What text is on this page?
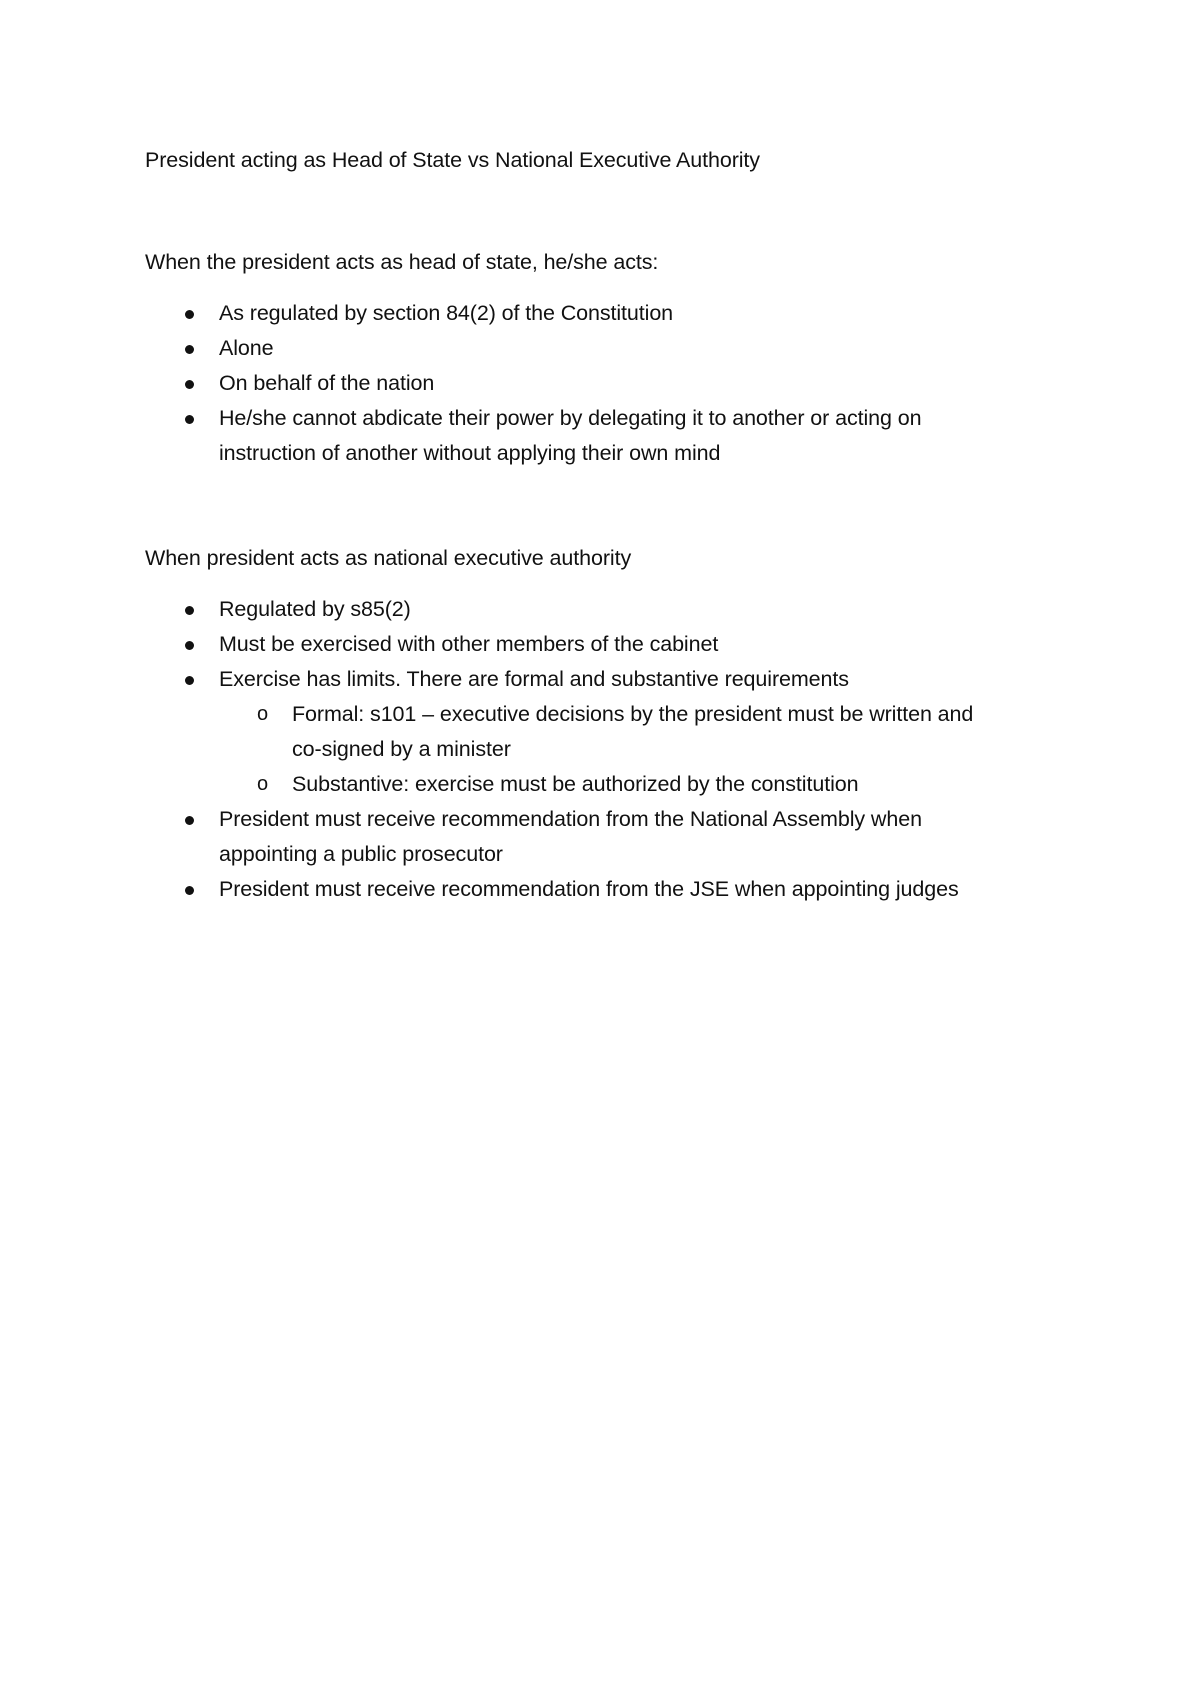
President acting as Head of State vs National Executive Authority
When the president acts as head of state, he/she acts:
As regulated by section 84(2) of the Constitution
Alone
On behalf of the nation
He/she cannot abdicate their power by delegating it to another or acting on
instruction of another without applying their own mind
When president acts as national executive authority
Regulated by s85(2)
Must be exercised with other members of the cabinet
Exercise has limits. There are formal and substantive requirements
o Formal: s101 – executive decisions by the president must be written and
co-signed by a minister
o Substantive: exercise must be authorized by the constitution
President must receive recommendation from the National Assembly when
appointing a public prosecutor
President must receive recommendation from the JSE when appointing judges
